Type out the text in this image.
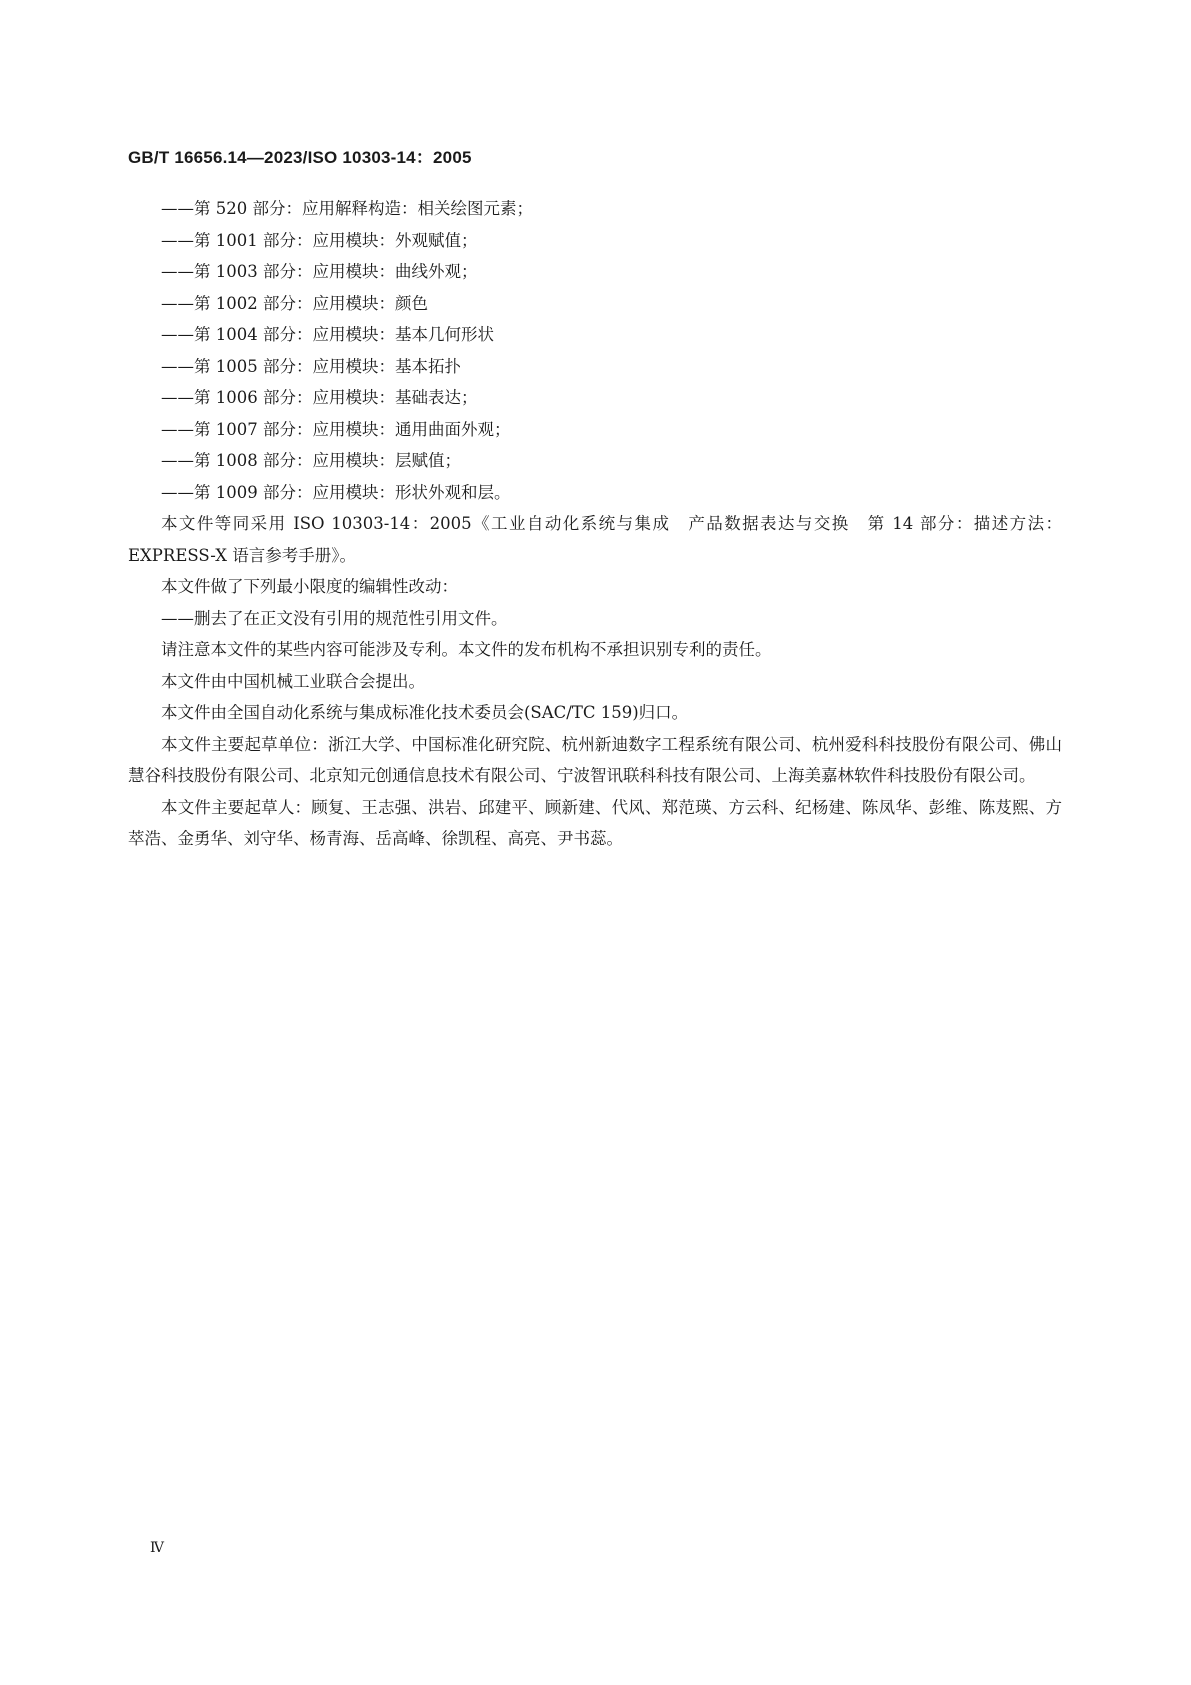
GB/T 16656.14—2023/ISO 10303-14：2005

——第 520 部分：应用解释构造：相关绘图元素；

——第 1001 部分：应用模块：外观赋值；

——第 1003 部分：应用模块：曲线外观；

——第 1002 部分：应用模块：颜色

——第 1004 部分：应用模块：基本几何形状

——第 1005 部分：应用模块：基本拓扑

——第 1006 部分：应用模块：基础表达；

——第 1007 部分：应用模块：通用曲面外观；

——第 1008 部分：应用模块：层赋值；

——第 1009 部分：应用模块：形状外观和层。

本文件等同采用 ISO 10303-14：2005《工业自动化系统与集成　产品数据表达与交换　第 14 部分：描述方法：EXPRESS-X 语言参考手册》。

本文件做了下列最小限度的编辑性改动：

——删去了在正文没有引用的规范性引用文件。

请注意本文件的某些内容可能涉及专利。本文件的发布机构不承担识别专利的责任。

本文件由中国机械工业联合会提出。

本文件由全国自动化系统与集成标准化技术委员会(SAC/TC 159)归口。

本文件主要起草单位：浙江大学、中国标准化研究院、杭州新迪数字工程系统有限公司、杭州爱科科技股份有限公司、佛山慧谷科技股份有限公司、北京知元创通信息技术有限公司、宁波智讯联科科技有限公司、上海美嘉林软件科技股份有限公司。

本文件主要起草人：顾复、王志强、洪岩、邱建平、顾新建、代风、郑范瑛、方云科、纪杨建、陈凤华、彭维、陈芨熙、方萃浩、金勇华、刘守华、杨青海、岳高峰、徐凯程、高亮、尹书蕊。

Ⅳ
